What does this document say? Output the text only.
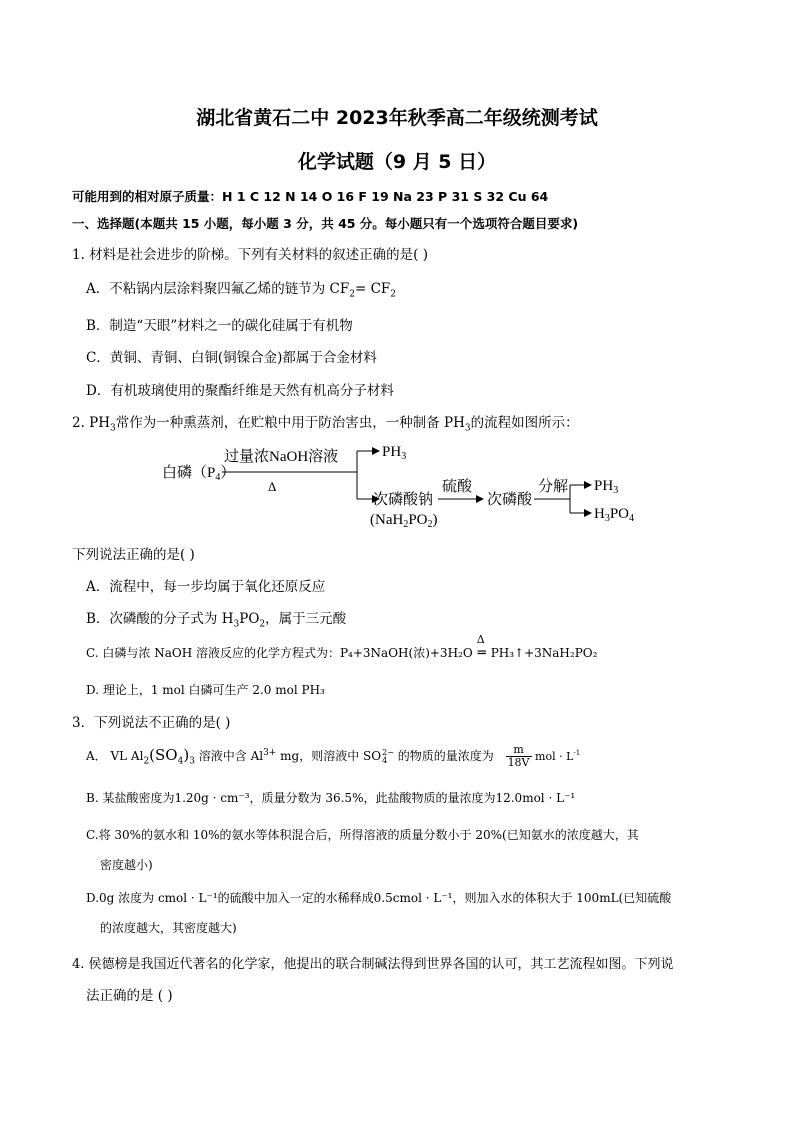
湖北省黄石二中 2023年秋季高二年级统测考试
化学试题（9 月 5 日）
可能用到的相对原子质量：H 1 C 12 N 14 O 16 F 19 Na 23 P 31 S 32 Cu 64
一、选择题(本题共 15 小题，每小题 3 分，共 45 分。每小题只有一个选项符合题目要求)
1. 材料是社会进步的阶梯。下列有关材料的叙述正确的是( )
A．不粘锅内层涂料聚四氟乙烯的链节为 $CF_2= CF_2$
B．制造“天眼”材料之一的碳化硅属于有机物
C．黄铜、青铜、白铜(铜镍合金)都属于合金材料
D．有机玻璃使用的聚酯纤维是天然有机高分子材料
2. $PH_3$常作为一种熏蒸剂，在贮粮中用于防治害虫，一种制备 $PH_3$的流程如图所示：
白磷$(P_4)$
过量浓NaOH溶液
Δ
$PH_3$
次磷酸钠
$(NaH_2PO_2)$
硫酸
次磷酸
分解 $PH_3$
$H_3PO_4$
下列说法正确的是( )
A．流程中，每一步均属于氧化还原反应
B．次磷酸的分子式为 $H_3PO_2$，属于三元酸
C. 白磷与浓 NaOH 溶液反应的化学方程式为：P₄+3NaOH(浓)+3H₂O
Δ
═ PH₃↑+3NaH₂PO₂
D. 理论上，1 mol 白磷可生产 2.0 mol PH₃
3．下列说法不正确的是( )
A． VL $Al_2(SO_4)_3$ 溶液中含 $Al^{3+}$ mg，则溶液中 SO 2−
4 的物质的量浓度为 $\frac{m}{18V}$ mol · $L^{-1}$
B. 某盐酸密度为1.20g · cm⁻³，质量分数为 36.5%，此盐酸物质的量浓度为12.0mol · L⁻¹
C.将 30%的氨水和 10%的氨水等体积混合后，所得溶液的质量分数小于 20%(已知氨水的浓度越大，其
密度越小)
D.0g 浓度为 cmol · L⁻¹的硫酸中加入一定的水稀释成0.5cmol · L⁻¹，则加入水的体积大于 100mL(已知硫酸
的浓度越大，其密度越大)
4. 侯德榜是我国近代著名的化学家，他提出的联合制碱法得到世界各国的认可，其工艺流程如图。下列说
法正确的是 ( )
